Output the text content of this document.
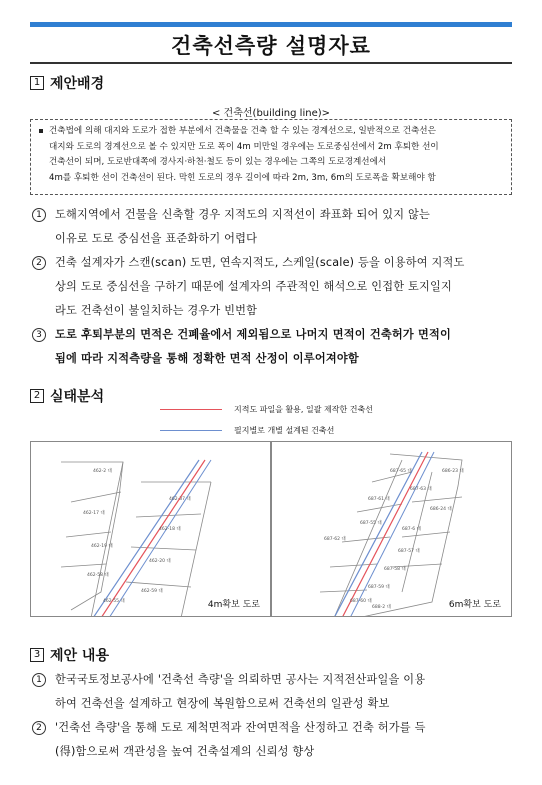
건축선측량 설명자료
1 제안배경
< 건축선(building line)>
건축법에 의해 대지와 도로가 접한 부분에서 건축물을 건축 할 수 있는 경계선으로, 일반적으로 건축선은
대지와 도로의 경계선으로 볼 수 있지만 도로 폭이 4m 미만일 경우에는 도로중심선에서 2m 후퇴한 선이
건축선이 되며, 도로반대쪽에 경사지·하천·철도 등이 있는 경우에는 그쪽의 도로경계선에서
4m를 후퇴한 선이 건축선이 된다. 막힌 도로의 경우 길이에 따라 2m, 3m, 6m의 도로폭을 확보해야 함
1	도해지역에서 건물을 신축할 경우 지적도의 지적선이 좌표화 되어 있지 않는
이유로 도로 중심선을 표준화하기 어렵다
2	건축 설계자가 스캔(scan) 도면, 연속지적도, 스케일(scale) 등을 이용하여 지적도
상의 도로 중심선을 구하기 때문에 설계자의 주관적인 해석으로 인접한 토지일지
라도 건축선이 불일치하는 경우가 빈번함
3	도로 후퇴부분의 면적은 건폐율에서 제외됨으로 나머지 면적이 건축허가 면적이
됨에 따라 지적측량을 통해 정확한 면적 산정이 이루어져야함
2 실태분석
지적도 파일을 활용, 일괄 제작한 건축선
필지별로 개별 설계된 건축선
462-2 대
462-37 대
462-17 대
462-18 대
462-19 대
462-20 대
462-58 대
462-59 대
462-55 대	4m확보 도로
687-65 대	686-23 대
687-61 대
687-63 대
686-24 대
687-55 대
687-62 대
687-6 대
687-57 대
687-58 대
687-59 대
687-60 대
688-2 대	6m확보 도로
3 제안 내용
1	한국국토정보공사에 '건축선 측량'을 의뢰하면 공사는 지적전산파일을 이용
하여 건축선을 설계하고 현장에 복원함으로써 건축선의 일관성 확보
2	'건축선 측량'을 통해 도로 제척면적과 잔여면적을 산정하고 건축 허가를 득
(得)함으로써 객관성을 높여 건축설계의 신뢰성 향상
